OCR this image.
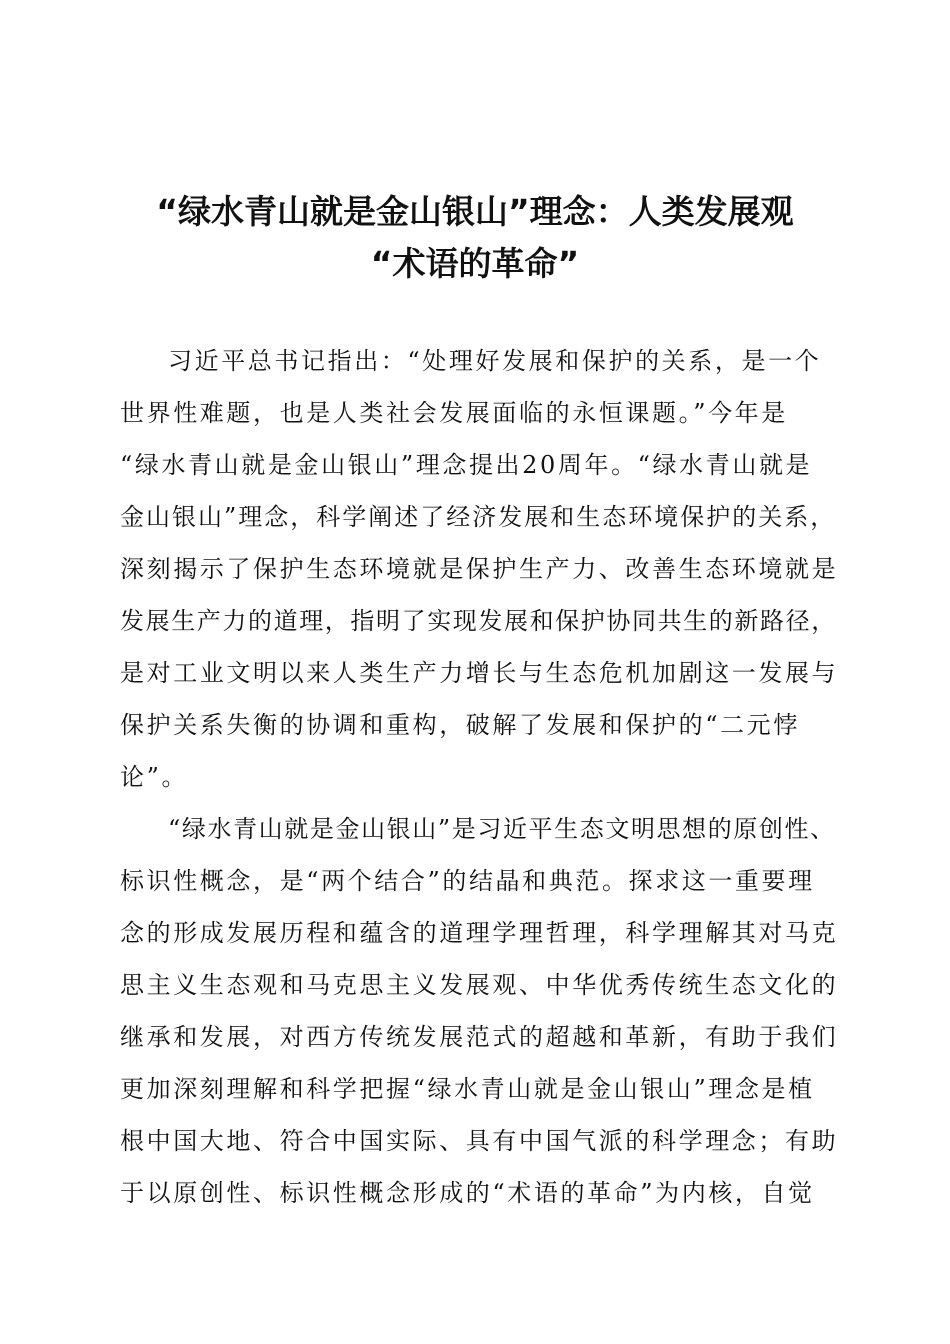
“绿水青山就是金山银山”理念：人类发展观
“术语的革命”
习近平总书记指出：“处理好发展和保护的关系，是一个
世界性难题，也是人类社会发展面临的永恒课题。”今年是
“绿水青山就是金山银山”理念提出20周年。“绿水青山就是
金山银山”理念，科学阐述了经济发展和生态环境保护的关系，
深刻揭示了保护生态环境就是保护生产力、改善生态环境就是
发展生产力的道理，指明了实现发展和保护协同共生的新路径，
是对工业文明以来人类生产力增长与生态危机加剧这一发展与
保护关系失衡的协调和重构，破解了发展和保护的“二元悖
论”。
“绿水青山就是金山银山”是习近平生态文明思想的原创性、
标识性概念，是“两个结合”的结晶和典范。探求这一重要理
念的形成发展历程和蕴含的道理学理哲理，科学理解其对马克
思主义生态观和马克思主义发展观、中华优秀传统生态文化的
继承和发展，对西方传统发展范式的超越和革新，有助于我们
更加深刻理解和科学把握“绿水青山就是金山银山”理念是植
根中国大地、符合中国实际、具有中国气派的科学理念；有助
于以原创性、标识性概念形成的“术语的革命”为内核，自觉
